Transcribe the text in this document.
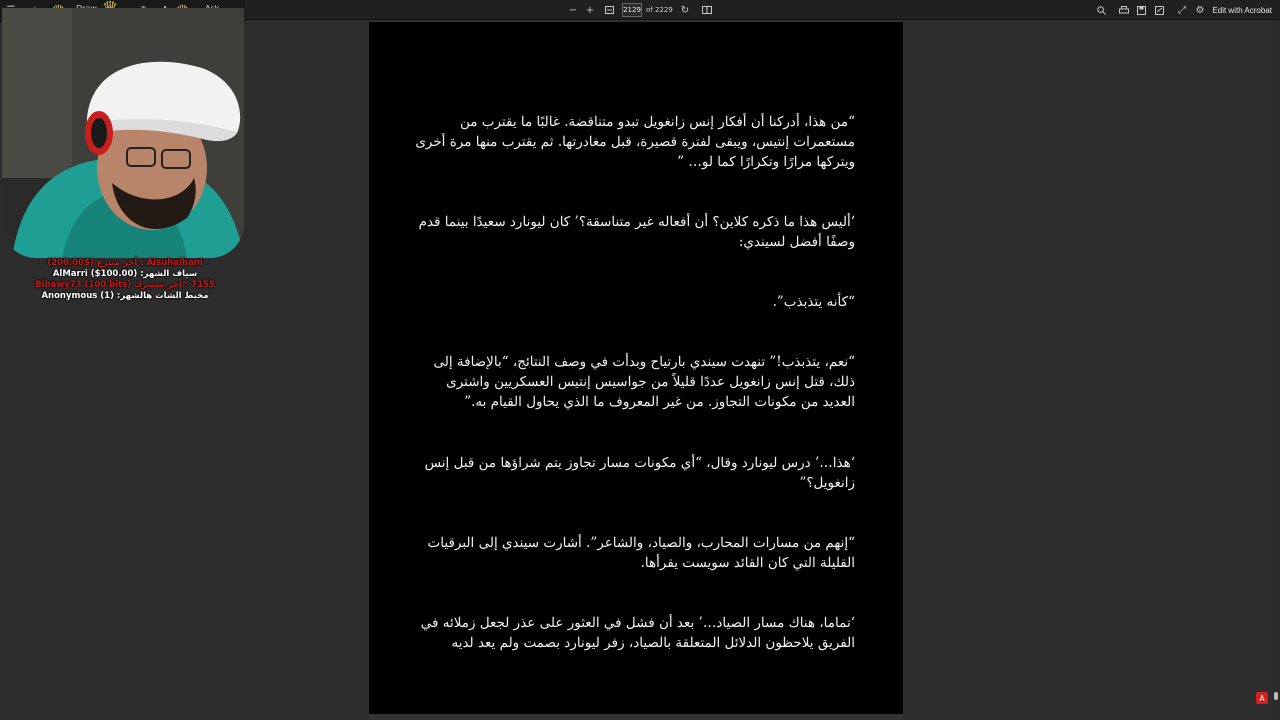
− +	2129 of 2229 ↻	⤢ ⚙ Edit with Acrobat

“من هذا، أدركنا أن أفكار إنس زانغويل تبدو متناقضة. غالبًا ما يقترب من مستعمرات إنتيس، ويبقى لفترة قصيرة، قبل مغادرتها. ثم يقترب منها مرة أخرى ويتركها مرارًا وتكرارًا كما لو… ”

‘أليس هذا ما ذكره كلاين؟ أن أفعاله غير متناسقة؟’ كان ليونارد سعيدًا بينما قدم وصفًا أفضل لسيندي:

“كأنه يتذبذب”.

“نعم، يتذبذب!” تنهدت سيندي بارتياح وبدأت في وصف النتائج، “بالإضافة إلى ذلك، قتل إنس زانغويل عددًا قليلاً من جواسيس إنتيس العسكريين واشترى العديد من مكونات التجاوز. من غير المعروف ما الذي يحاول القيام به.”

‘هذا…’ درس ليونارد وقال، “أي مكونات مسار تجاوز يتم شراؤها من قبل إنس زانغويل؟”

“إنهم من مسارات المحارب، والصياد، والشاعر”. أشارت سيندي إلى البرقيات القليلة التي كان القائد سويست يقرأها.

‘تماما، هناك مسار الصياد…’ بعد أن فشل في العثور على عذر لجعل زملائه في الفريق يلاحظون الدلائل المتعلقة بالصياد، زفر ليونارد بصمت ولم يعد لديه

A
Alsuhaibani : آخر متبرع ($200.00)
سياف الشهر: AlMarri ($100.00)
7155 : آخر مشترك Bibawy73 (100 bits)
مخبط الشات هالشهر: Anonymous (1)
